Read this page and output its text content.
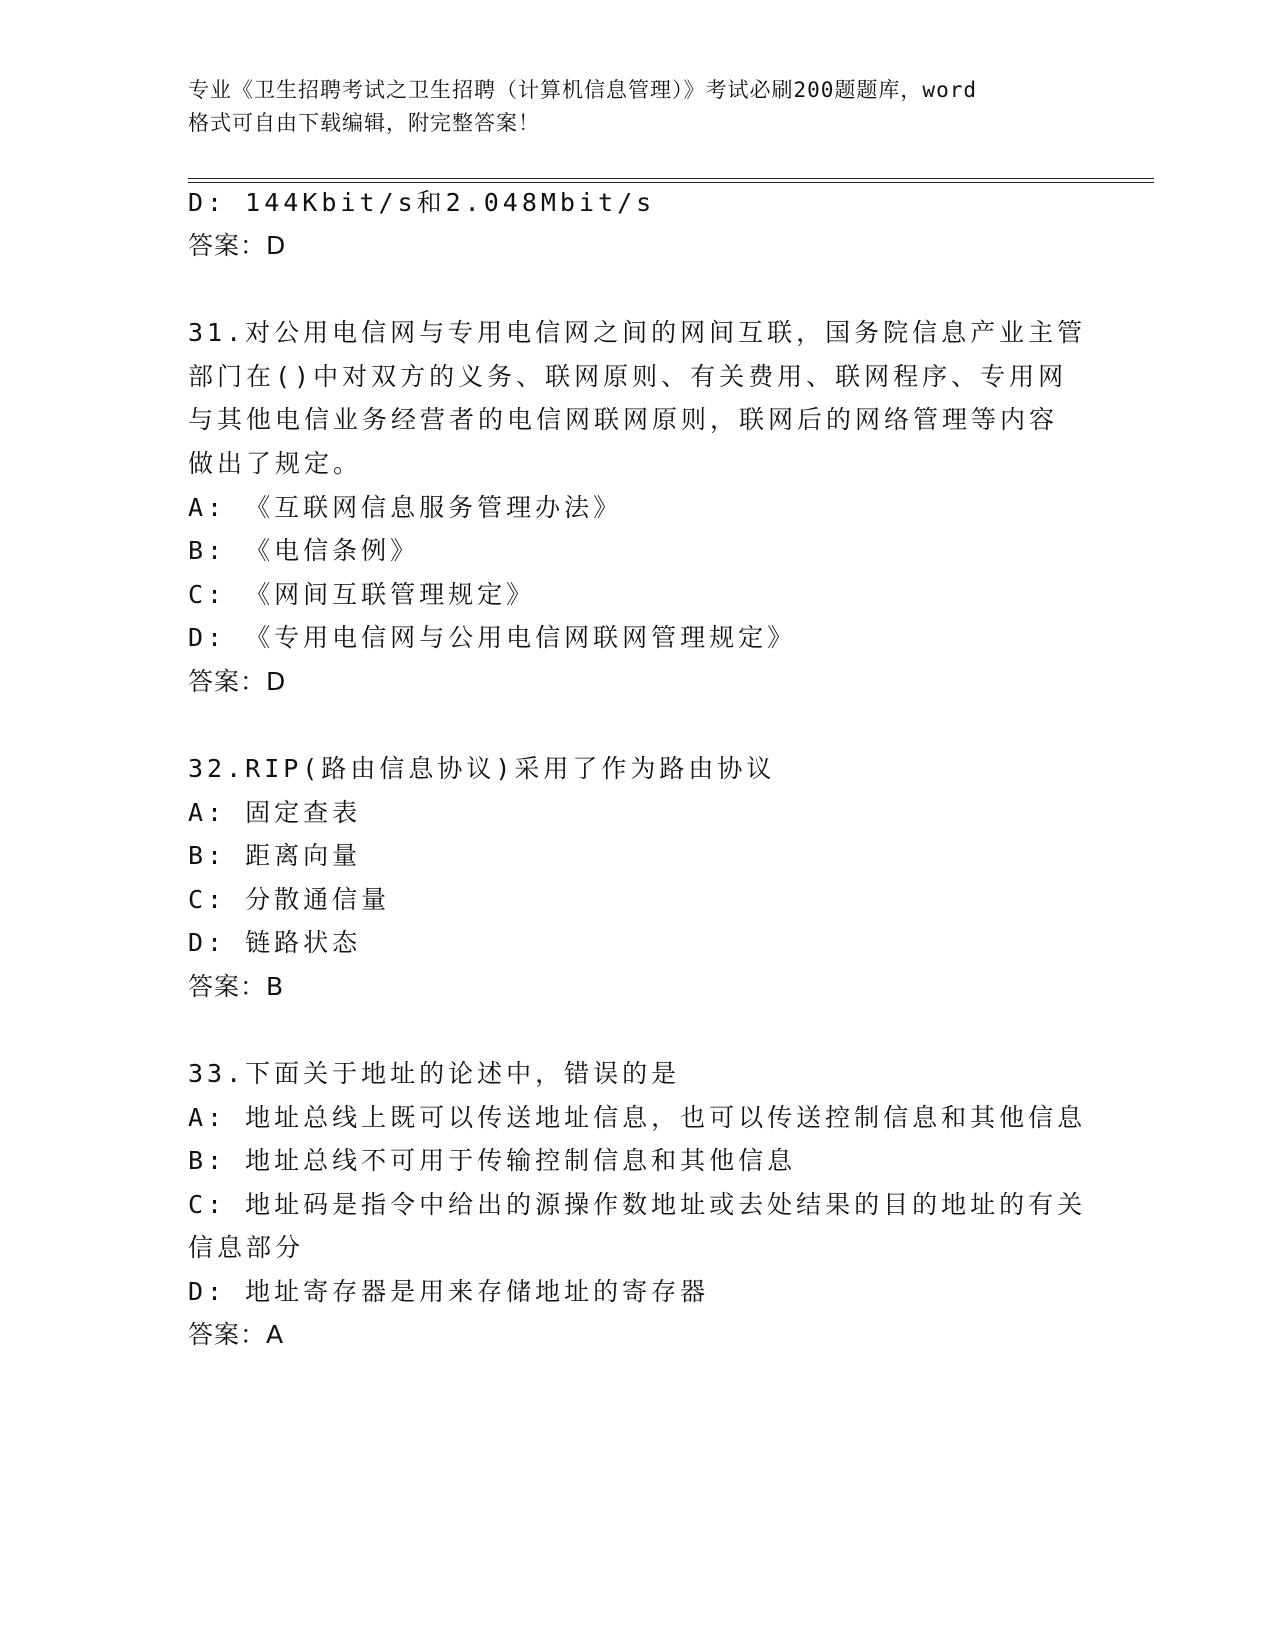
专业《卫生招聘考试之卫生招聘（计算机信息管理）》考试必刷200题题库，word
格式可自由下载编辑，附完整答案！
D: 144Kbit/s和2.048Mbit/s
答案：D
31.对公用电信网与专用电信网之间的网间互联，国务院信息产业主管
部门在()中对双方的义务、联网原则、有关费用、联网程序、专用网
与其他电信业务经营者的电信网联网原则，联网后的网络管理等内容
做出了规定。
A: 《互联网信息服务管理办法》
B: 《电信条例》
C: 《网间互联管理规定》
D: 《专用电信网与公用电信网联网管理规定》
答案：D
32.RIP(路由信息协议)采用了作为路由协议
A: 固定查表
B: 距离向量
C: 分散通信量
D: 链路状态
答案：B
33.下面关于地址的论述中，错误的是
A: 地址总线上既可以传送地址信息，也可以传送控制信息和其他信息
B: 地址总线不可用于传输控制信息和其他信息
C: 地址码是指令中给出的源操作数地址或去处结果的目的地址的有关
信息部分
D: 地址寄存器是用来存储地址的寄存器
答案：A
